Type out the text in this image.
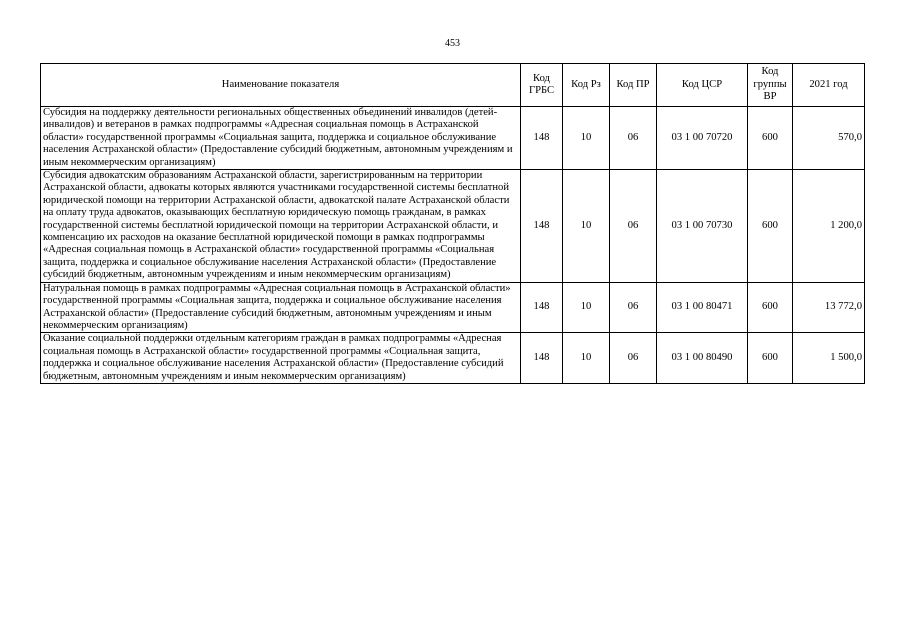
453
Наименование показателя	Код ГРБС	Код Рз	Код ПР	Код ЦСР	Код группы ВР	2021 год
Субсидия на поддержку деятельности региональных общественных объединений инвалидов (детей-инвалидов) и ветеранов в рамках подпрограммы «Адресная социальная помощь в Астраханской области» государственной программы «Социальная защита, поддержка и социальное обслуживание населения Астраханской области» (Предоставление субсидий бюджетным, автономным учреждениям и иным некоммерческим организациям)	148	10	06	03 1 00 70720	600	570,0
Субсидия адвокатским образованиям Астраханской области, зарегистрированным на территории Астраханской области, адвокаты которых являются участниками государственной системы бесплатной юридической помощи на территории Астраханской области, адвокатской палате Астраханской области на оплату труда адвокатов, оказывающих бесплатную юридическую помощь гражданам, в рамках государственной системы бесплатной юридической помощи на территории Астраханской области, и компенсацию их расходов на оказание бесплатной юридической помощи в рамках подпрограммы «Адресная социальная помощь в Астраханской области» государственной программы «Социальная защита, поддержка и социальное обслуживание населения Астраханской области» (Предоставление субсидий бюджетным, автономным учреждениям и иным некоммерческим организациям)	148	10	06	03 1 00 70730	600	1 200,0
Натуральная помощь в рамках подпрограммы «Адресная социальная помощь в Астраханской области» государственной программы «Социальная защита, поддержка и социальное обслуживание населения Астраханской области» (Предоставление субсидий бюджетным, автономным учреждениям и иным некоммерческим организациям)	148	10	06	03 1 00 80471	600	13 772,0
Оказание социальной поддержки отдельным категориям граждан в рамках подпрограммы «Адресная социальная помощь в Астраханской области» государственной программы «Социальная защита, поддержка и социальное обслуживание населения Астраханской области» (Предоставление субсидий бюджетным, автономным учреждениям и иным некоммерческим организациям)	148	10	06	03 1 00 80490	600	1 500,0
